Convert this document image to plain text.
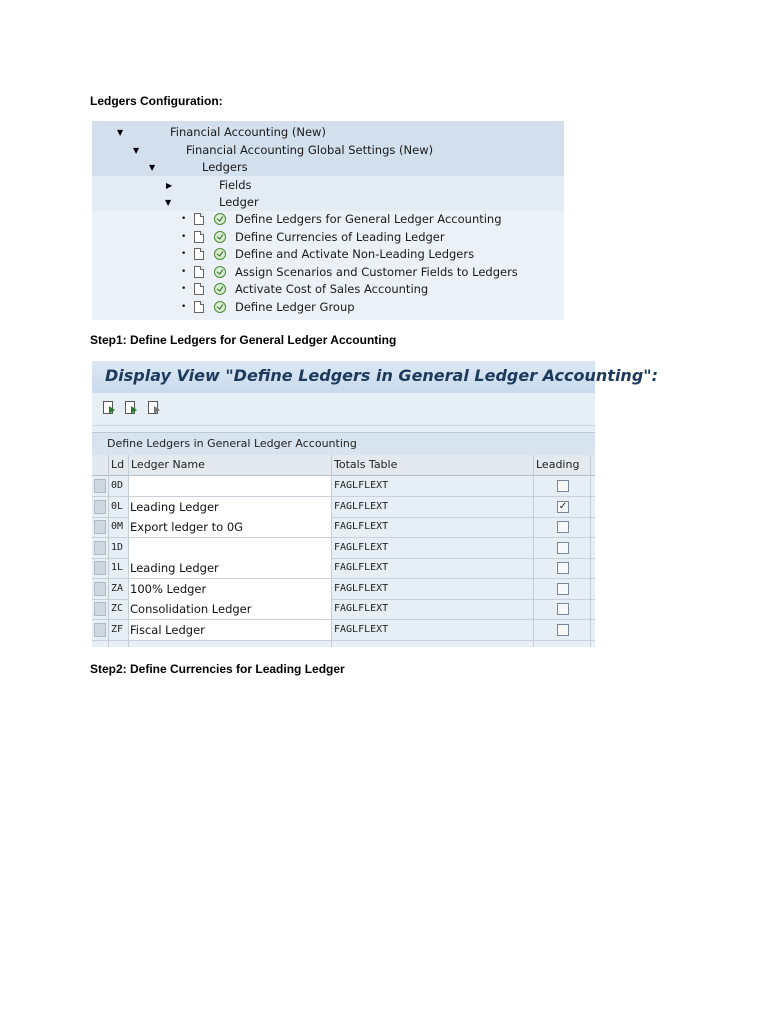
Ledgers Configuration:
▼	Financial Accounting (New)
▼	Financial Accounting Global Settings (New)
▼	Ledgers
▶	Fields
▼	Ledger
•	Define Ledgers for General Ledger Accounting
•	Define Currencies of Leading Ledger
•	Define and Activate Non-Leading Ledgers
•	Assign Scenarios and Customer Fields to Ledgers
•	Activate Cost of Sales Accounting
•	Define Ledger Group
Step1: Define Ledgers for General Ledger Accounting
Display View "Define Ledgers in General Ledger Accounting":
Define Ledgers in General Ledger Accounting
Ld Ledger Name	Totals Table	Leading
0D	FAGLFLEXT
0L Leading Ledger	FAGLFLEXT	✓
0M Export ledger to 0G	FAGLFLEXT
1D	FAGLFLEXT
1L Leading Ledger	FAGLFLEXT
ZA 100% Ledger	FAGLFLEXT
ZC Consolidation Ledger	FAGLFLEXT
ZF Fiscal Ledger	FAGLFLEXT
Step2: Define Currencies for Leading Ledger
